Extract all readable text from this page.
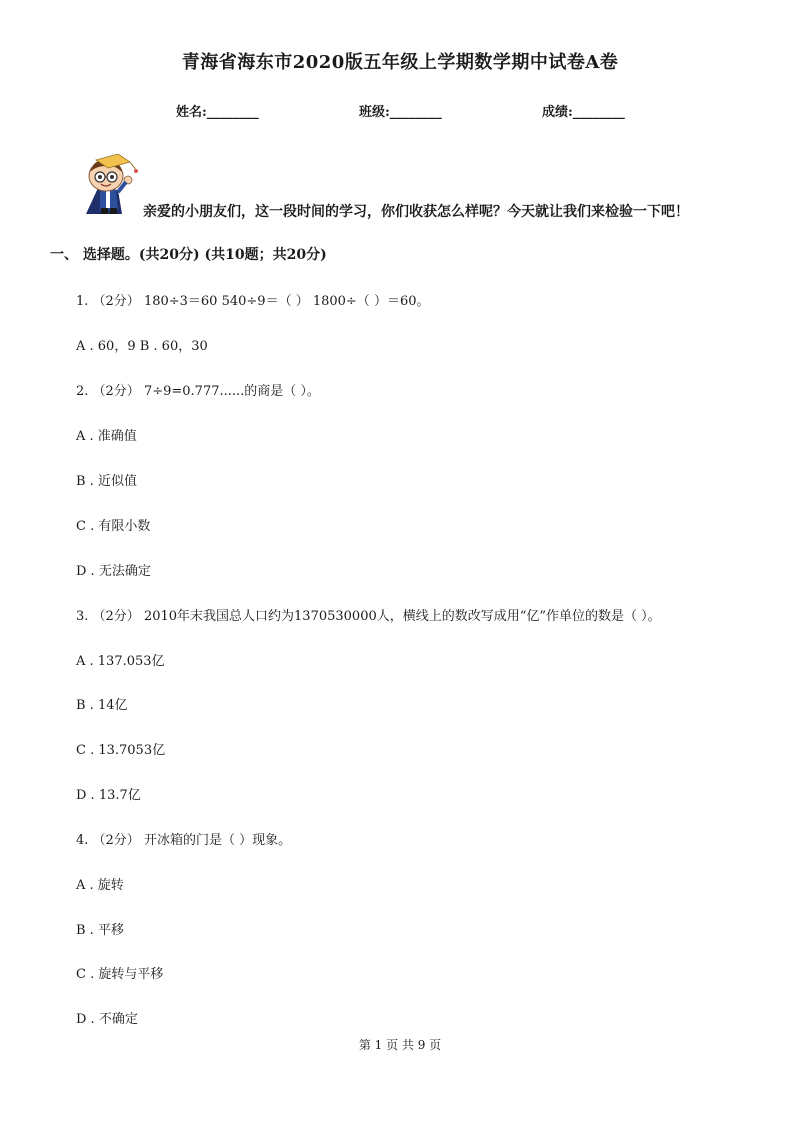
青海省海东市2020版五年级上学期数学期中试卷A卷
姓名:________	班级:________	成绩:________
亲爱的小朋友们，这一段时间的学习，你们收获怎么样呢？今天就让我们来检验一下吧！
一、 选择题。(共20分) (共10题；共20分)
1. （2分） 180÷3＝60 540÷9＝（ ） 1800÷（ ）＝60。
A . 60，9 B . 60，30
2. （2分） 7÷9=0.777......的商是（ ）。
A . 准确值
B . 近似值
C . 有限小数
D . 无法确定
3. （2分） 2010年末我国总人口约为1370530000人，横线上的数改写成用“亿”作单位的数是（ ）。
A . 137.053亿
B . 14亿
C . 13.7053亿
D . 13.7亿
4. （2分） 开冰箱的门是（ ）现象。
A . 旋转
B . 平移
C . 旋转与平移
D . 不确定
第 1 页 共 9 页
